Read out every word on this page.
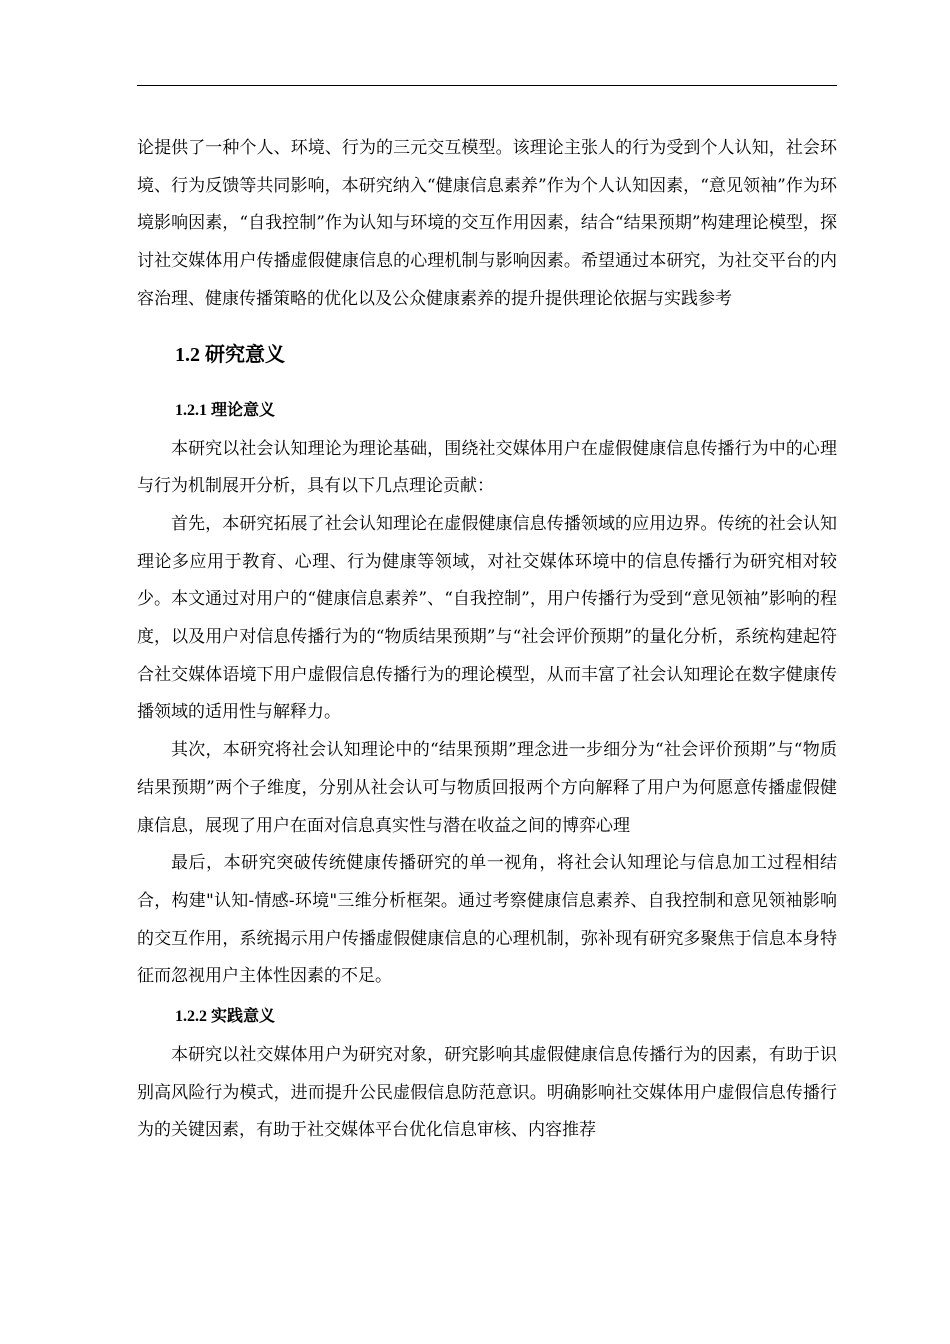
论提供了一种个人、环境、行为的三元交互模型。该理论主张人的行为受到个人认知，社会环境、行为反馈等共同影响，本研究纳入“健康信息素养”作为个人认知因素，“意见领袖”作为环境影响因素，“自我控制”作为认知与环境的交互作用因素，结合“结果预期”构建理论模型，探讨社交媒体用户传播虚假健康信息的心理机制与影响因素。希望通过本研究，为社交平台的内容治理、健康传播策略的优化以及公众健康素养的提升提供理论依据与实践参考

1.2 研究意义
1.2.1 理论意义

本研究以社会认知理论为理论基础，围绕社交媒体用户在虚假健康信息传播行为中的心理与行为机制展开分析，具有以下几点理论贡献：

首先，本研究拓展了社会认知理论在虚假健康信息传播领域的应用边界。传统的社会认知理论多应用于教育、心理、行为健康等领域，对社交媒体环境中的信息传播行为研究相对较少。本文通过对用户的“健康信息素养”、“自我控制”，用户传播行为受到“意见领袖”影响的程度，以及用户对信息传播行为的“物质结果预期”与“社会评价预期”的量化分析，系统构建起符合社交媒体语境下用户虚假信息传播行为的理论模型，从而丰富了社会认知理论在数字健康传播领域的适用性与解释力。

其次，本研究将社会认知理论中的“结果预期”理念进一步细分为“社会评价预期”与“物质结果预期”两个子维度，分别从社会认可与物质回报两个方向解释了用户为何愿意传播虚假健康信息，展现了用户在面对信息真实性与潜在收益之间的博弈心理

最后，本研究突破传统健康传播研究的单一视角，将社会认知理论与信息加工过程相结合，构建"认知-情感-环境"三维分析框架。通过考察健康信息素养、自我控制和意见领袖影响的交互作用，系统揭示用户传播虚假健康信息的心理机制，弥补现有研究多聚焦于信息本身特征而忽视用户主体性因素的不足。

1.2.2 实践意义

本研究以社交媒体用户为研究对象，研究影响其虚假健康信息传播行为的因素，有助于识别高风险行为模式，进而提升公民虚假信息防范意识。明确影响社交媒体用户虚假信息传播行为的关键因素，有助于社交媒体平台优化信息审核、内容推荐
